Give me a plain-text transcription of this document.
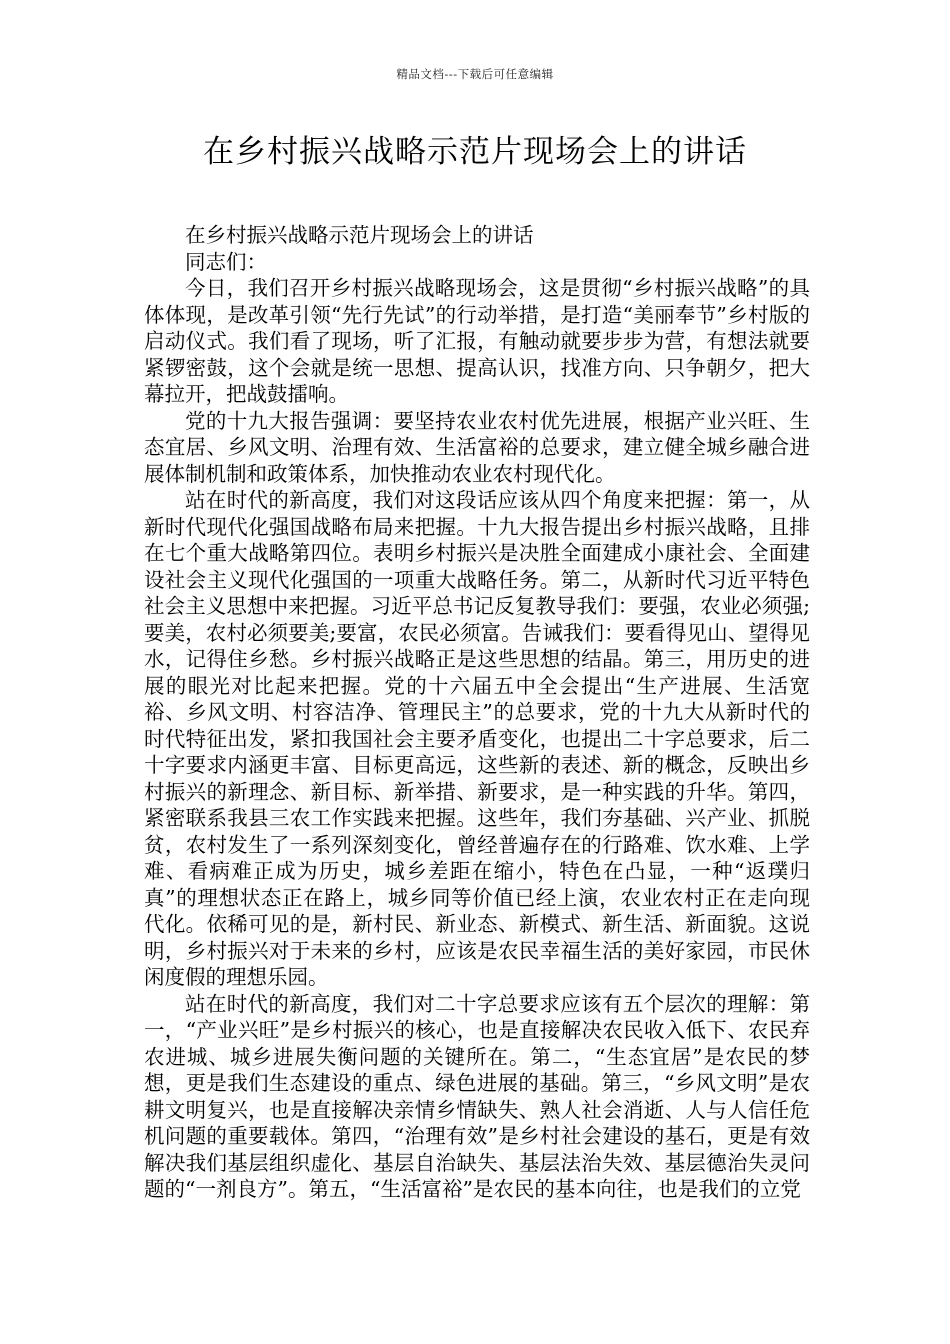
精品文档---下载后可任意编辑
在乡村振兴战略示范片现场会上的讲话

在乡村振兴战略示范片现场会上的讲话

同志们：

今日，我们召开乡村振兴战略现场会，这是贯彻“乡村振兴战略”的具体体现，是改革引领“先行先试”的行动举措，是打造“美丽奉节”乡村版的启动仪式。我们看了现场，听了汇报，有触动就要步步为营，有想法就要紧锣密鼓，这个会就是统一思想、提高认识，找准方向、只争朝夕，把大幕拉开，把战鼓擂响。

党的十九大报告强调：要坚持农业农村优先进展，根据产业兴旺、生态宜居、乡风文明、治理有效、生活富裕的总要求，建立健全城乡融合进展体制机制和政策体系，加快推动农业农村现代化。

站在时代的新高度，我们对这段话应该从四个角度来把握：第一，从新时代现代化强国战略布局来把握。十九大报告提出乡村振兴战略，且排在七个重大战略第四位。表明乡村振兴是决胜全面建成小康社会、全面建设社会主义现代化强国的一项重大战略任务。第二，从新时代习近平特色社会主义思想中来把握。习近平总书记反复教导我们：要强，农业必须强;要美，农村必须要美;要富，农民必须富。告诫我们：要看得见山、望得见水，记得住乡愁。乡村振兴战略正是这些思想的结晶。第三，用历史的进展的眼光对比起来把握。党的十六届五中全会提出“生产进展、生活宽裕、乡风文明、村容洁净、管理民主”的总要求，党的十九大从新时代的时代特征出发，紧扣我国社会主要矛盾变化，也提出二十字总要求，后二十字要求内涵更丰富、目标更高远，这些新的表述、新的概念，反映出乡村振兴的新理念、新目标、新举措、新要求，是一种实践的升华。第四，紧密联系我县三农工作实践来把握。这些年，我们夯基础、兴产业、抓脱贫，农村发生了一系列深刻变化，曾经普遍存在的行路难、饮水难、上学难、看病难正成为历史，城乡差距在缩小，特色在凸显，一种“返璞归真”的理想状态正在路上，城乡同等价值已经上演，农业农村正在走向现代化。依稀可见的是，新村民、新业态、新模式、新生活、新面貌。这说明，乡村振兴对于未来的乡村，应该是农民幸福生活的美好家园，市民休闲度假的理想乐园。

站在时代的新高度，我们对二十字总要求应该有五个层次的理解：第一，“产业兴旺”是乡村振兴的核心，也是直接解决农民收入低下、农民弃农进城、城乡进展失衡问题的关键所在。第二，“生态宜居”是农民的梦想，更是我们生态建设的重点、绿色进展的基础。第三，“乡风文明”是农耕文明复兴，也是直接解决亲情乡情缺失、熟人社会消逝、人与人信任危机问题的重要载体。第四，“治理有效”是乡村社会建设的基石，更是有效解决我们基层组织虚化、基层自治缺失、基层法治失效、基层德治失灵问题的“一剂良方”。第五，“生活富裕”是农民的基本向往，也是我们的立党
